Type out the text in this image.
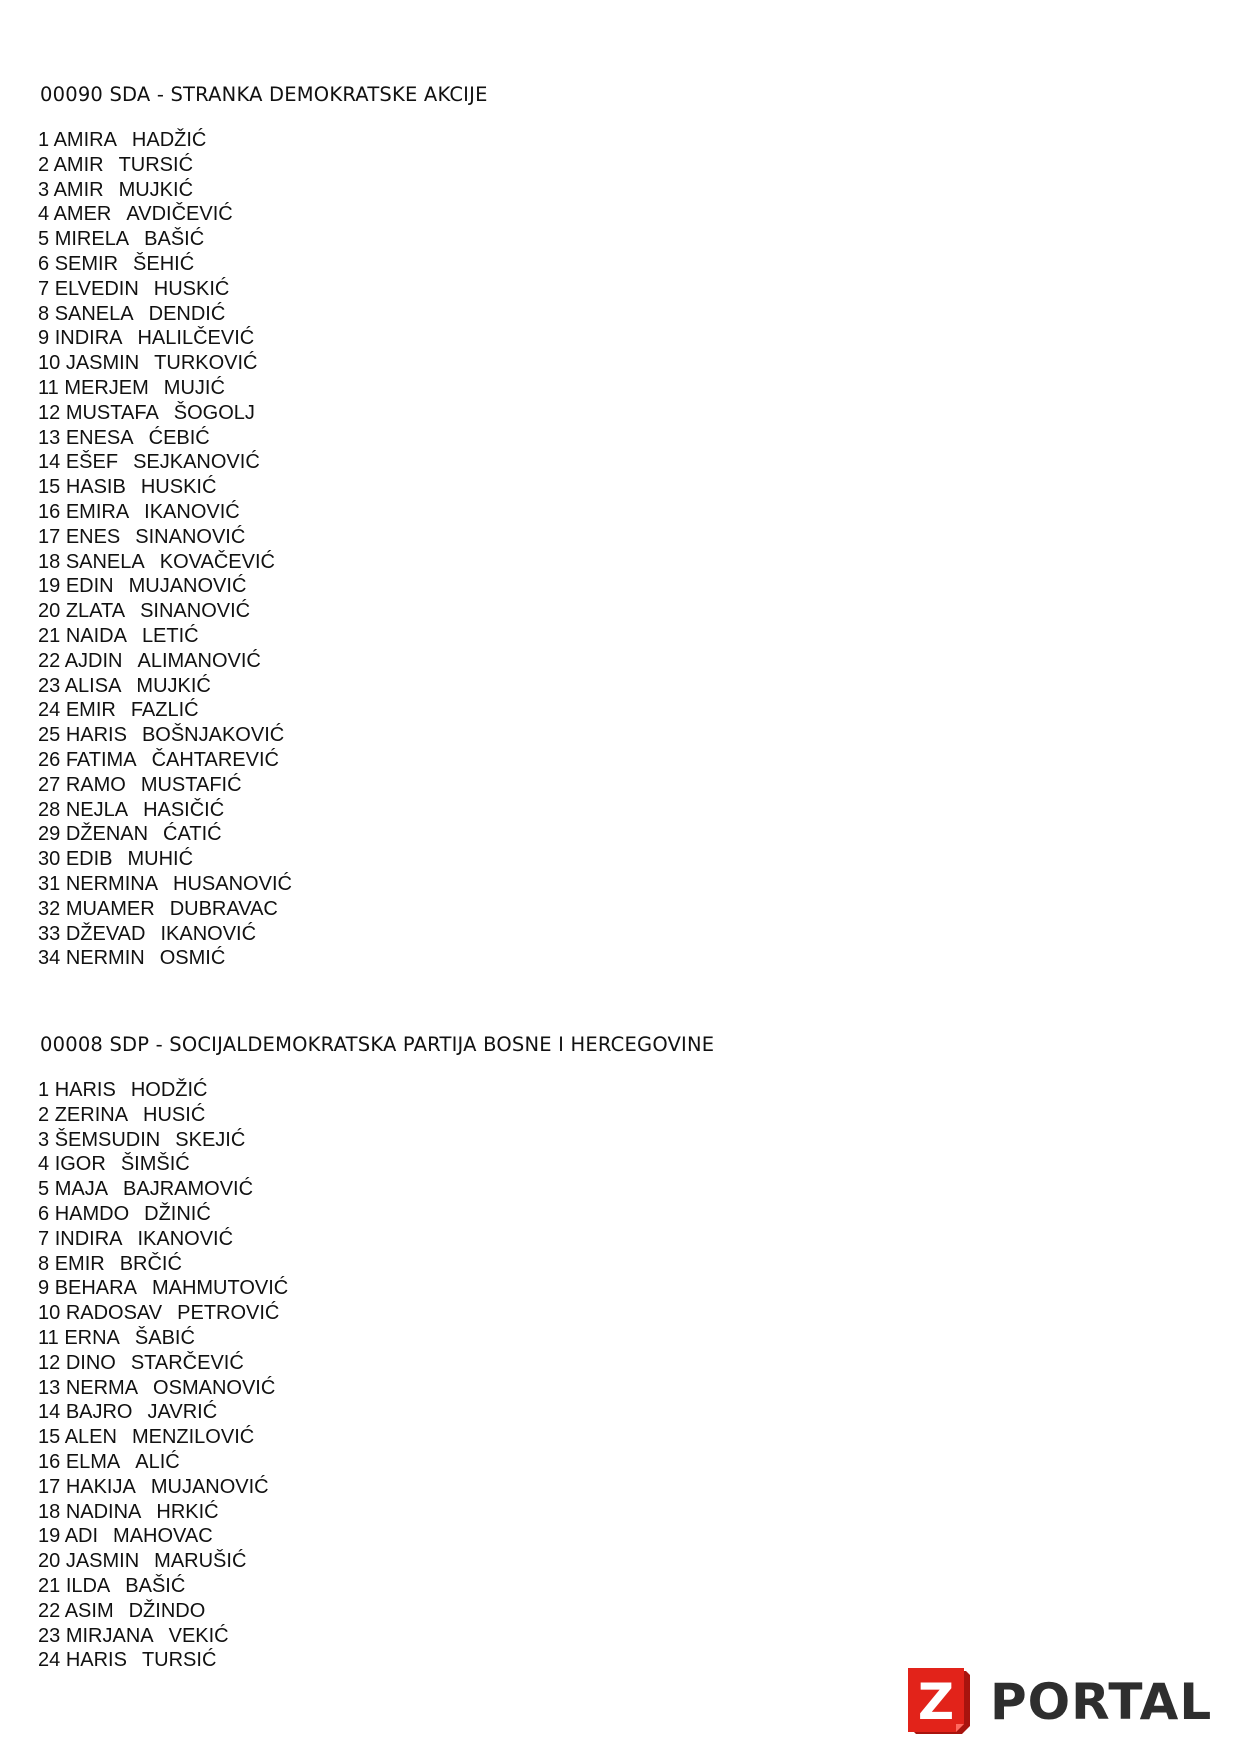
00090 SDA - STRANKA DEMOKRATSKE AKCIJE
1 AMIRA HADŽIĆ
2 AMIR TURSIĆ
3 AMIR MUJKIĆ
4 AMER AVDIČEVIĆ
5 MIRELA BAŠIĆ
6 SEMIR ŠEHIĆ
7 ELVEDIN HUSKIĆ
8 SANELA DENDIĆ
9 INDIRA HALILČEVIĆ
10 JASMIN TURKOVIĆ
11 MERJEM MUJIĆ
12 MUSTAFA ŠOGOLJ
13 ENESA ĆEBIĆ
14 EŠEF SEJKANOVIĆ
15 HASIB HUSKIĆ
16 EMIRA IKANOVIĆ
17 ENES SINANOVIĆ
18 SANELA KOVAČEVIĆ
19 EDIN MUJANOVIĆ
20 ZLATA SINANOVIĆ
21 NAIDA LETIĆ
22 AJDIN ALIMANOVIĆ
23 ALISA MUJKIĆ
24 EMIR FAZLIĆ
25 HARIS BOŠNJAKOVIĆ
26 FATIMA ČAHTAREVIĆ
27 RAMO MUSTAFIĆ
28 NEJLA HASIČIĆ
29 DŽENAN ĆATIĆ
30 EDIB MUHIĆ
31 NERMINA HUSANOVIĆ
32 MUAMER DUBRAVAC
33 DŽEVAD IKANOVIĆ
34 NERMIN OSMIĆ
00008 SDP - SOCIJALDEMOKRATSKA PARTIJA BOSNE I HERCEGOVINE
1 HARIS HODŽIĆ
2 ZERINA HUSIĆ
3 ŠEMSUDIN SKEJIĆ
4 IGOR ŠIMŠIĆ
5 MAJA BAJRAMOVIĆ
6 HAMDO DŽINIĆ
7 INDIRA IKANOVIĆ
8 EMIR BRČIĆ
9 BEHARA MAHMUTOVIĆ
10 RADOSAV PETROVIĆ
11 ERNA ŠABIĆ
12 DINO STARČEVIĆ
13 NERMA OSMANOVIĆ
14 BAJRO JAVRIĆ
15 ALEN MENZILOVIĆ
16 ELMA ALIĆ
17 HAKIJA MUJANOVIĆ
18 NADINA HRKIĆ
19 ADI MAHOVAC
20 JASMIN MARUŠIĆ
21 ILDA BAŠIĆ
22 ASIM DŽINDO
23 MIRJANA VEKIĆ
24 HARIS TURSIĆ
Z PORTAL
